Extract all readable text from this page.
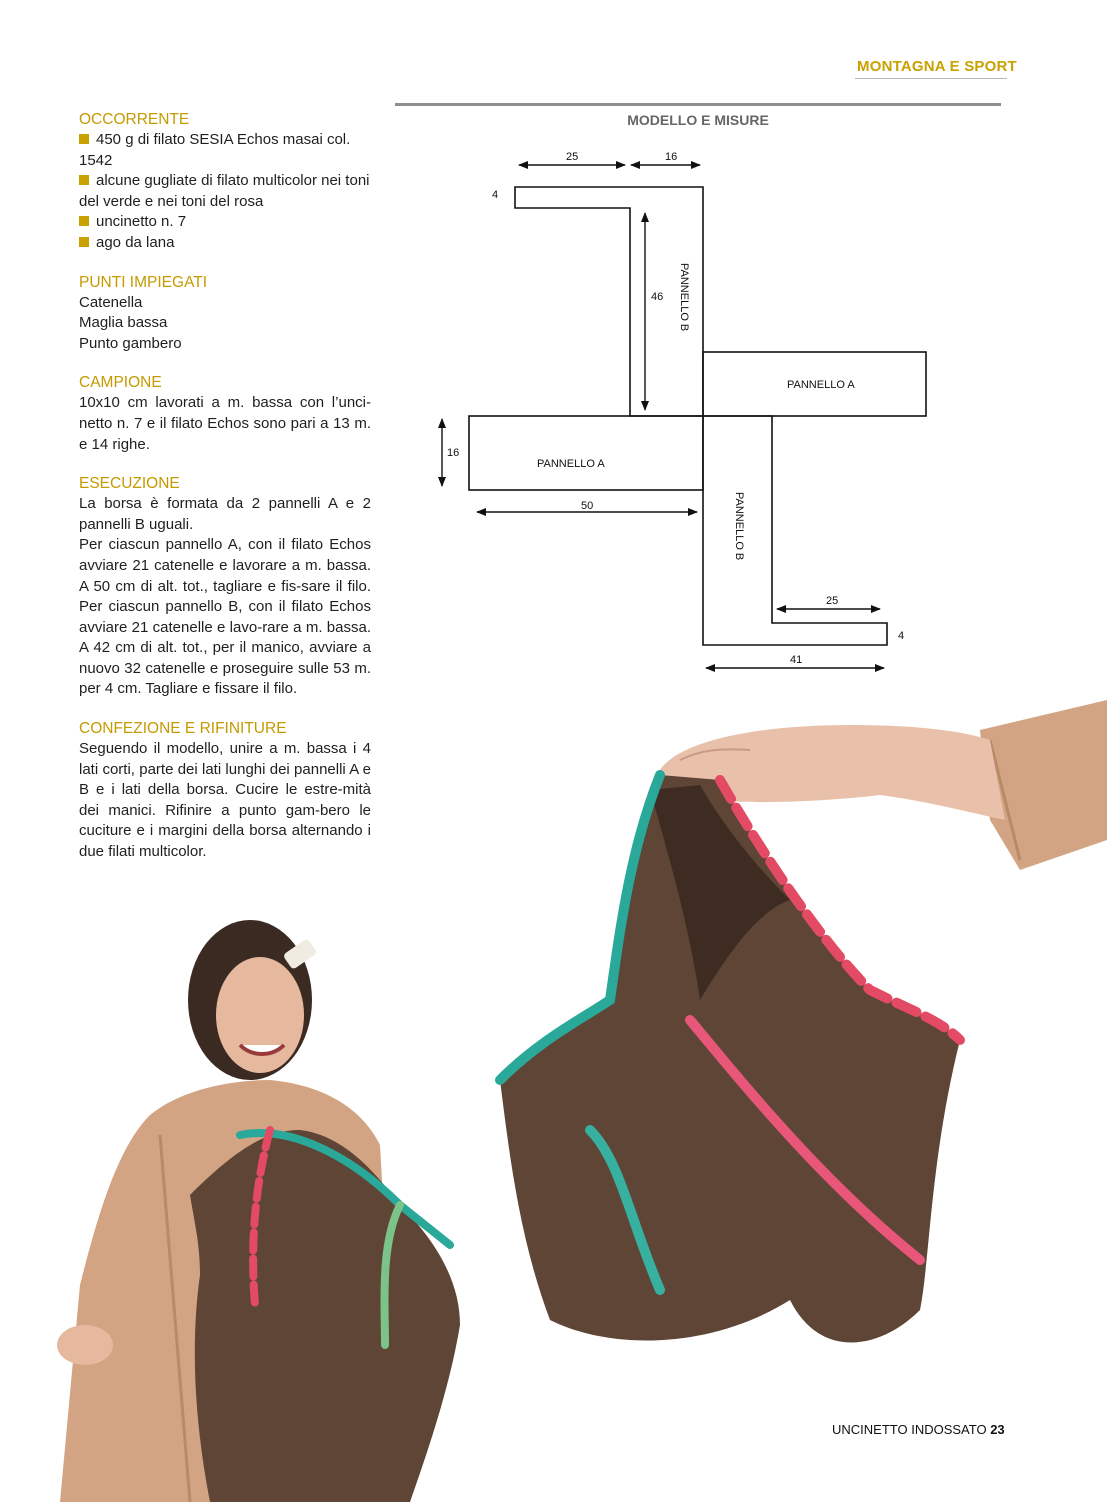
MONTAGNA E SPORT
OCCORRENTE
450 g di filato SESIA Echos masai col. 1542
alcune gugliate di filato multicolor nei toni del verde e nei toni del rosa
uncinetto n. 7
ago da lana
PUNTI IMPIEGATI
Catenella
Maglia bassa
Punto gambero
CAMPIONE

10x10 cm lavorati a m. bassa con l’unci-netto n. 7 e il filato Echos sono pari a 13 m. e 14 righe.

ESECUZIONE

La borsa è formata da 2 pannelli A e 2 pannelli B uguali.

Per ciascun pannello A, con il filato Echos avviare 21 catenelle e lavorare a m. bassa. A 50 cm di alt. tot., tagliare e fis-sare il filo. Per ciascun pannello B, con il filato Echos avviare 21 catenelle e lavo-rare a m. bassa. A 42 cm di alt. tot., per il manico, avviare a nuovo 32 catenelle e proseguire sulle 53 m. per 4 cm. Tagliare e fissare il filo.

CONFEZIONE E RIFINITURE

Seguendo il modello, unire a m. bassa i 4 lati corti, parte dei lati lunghi dei pannelli A e B e i lati della borsa. Cucire le estre-mità dei manici. Rifinire a punto gam-bero le cuciture e i margini della borsa alternando i due filati multicolor.

MODELLO E MISURE
25	16
4
46 PANNELLO B
PANNELLO A
16
PANNELLO A
50	PANNELLO B
25
4
41
UNCINETTO INDOSSATO 23
